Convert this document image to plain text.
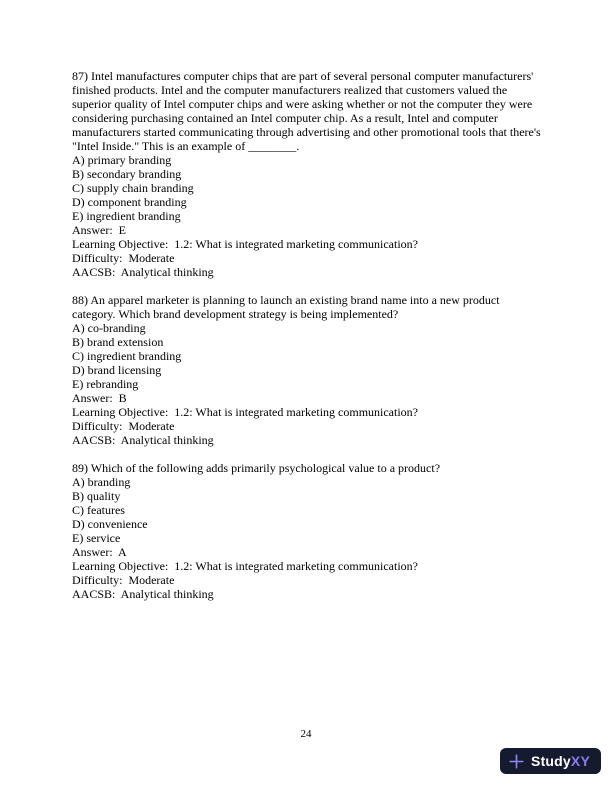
87) Intel manufactures computer chips that are part of several personal computer manufacturers' finished products. Intel and the computer manufacturers realized that customers valued the superior quality of Intel computer chips and were asking whether or not the computer they were considering purchasing contained an Intel computer chip. As a result, Intel and computer manufacturers started communicating through advertising and other promotional tools that there's "Intel Inside." This is an example of ________.
A) primary branding
B) secondary branding
C) supply chain branding
D) component branding
E) ingredient branding
Answer:  E
Learning Objective:  1.2: What is integrated marketing communication?
Difficulty:  Moderate
AACSB:  Analytical thinking
88) An apparel marketer is planning to launch an existing brand name into a new product category. Which brand development strategy is being implemented?
A) co-branding
B) brand extension
C) ingredient branding
D) brand licensing
E) rebranding
Answer:  B
Learning Objective:  1.2: What is integrated marketing communication?
Difficulty:  Moderate
AACSB:  Analytical thinking
89) Which of the following adds primarily psychological value to a product?
A) branding
B) quality
C) features
D) convenience
E) service
Answer:  A
Learning Objective:  1.2: What is integrated marketing communication?
Difficulty:  Moderate
AACSB:  Analytical thinking
24
StudyXY
